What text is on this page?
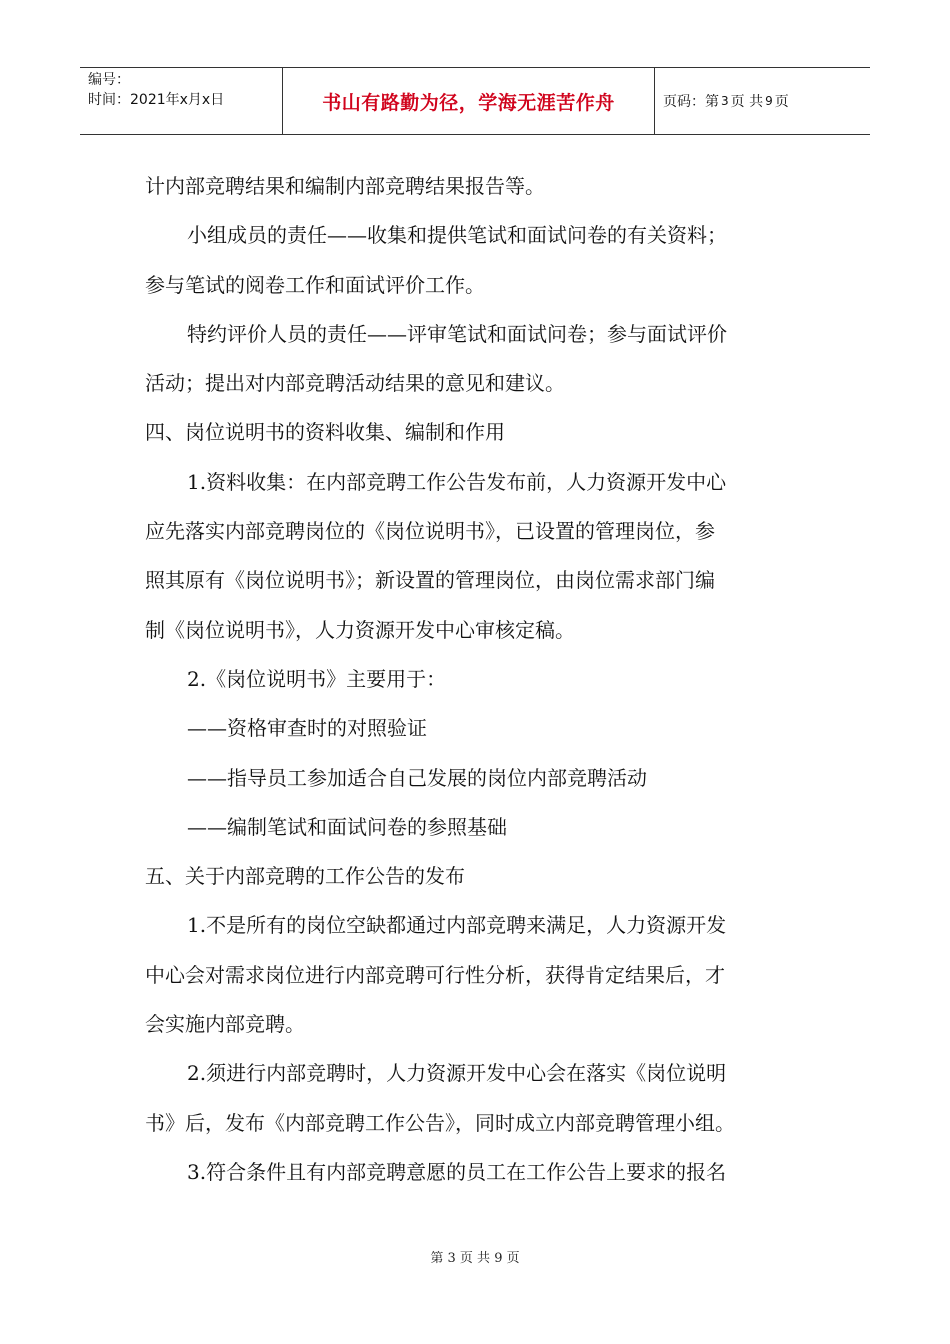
编号：
时间：2021年x月x日	书山有路勤为径，学海无涯苦作舟	页码：第 3 页 共 9 页

计内部竞聘结果和编制内部竞聘结果报告等。

小组成员的责任——收集和提供笔试和面试问卷的有关资料；

参与笔试的阅卷工作和面试评价工作。

特约评价人员的责任——评审笔试和面试问卷；参与面试评价

活动；提出对内部竞聘活动结果的意见和建议。

四、岗位说明书的资料收集、编制和作用

1.资料收集：在内部竞聘工作公告发布前，人力资源开发中心

应先落实内部竞聘岗位的《岗位说明书》，已设置的管理岗位，参

照其原有《岗位说明书》；新设置的管理岗位，由岗位需求部门编

制《岗位说明书》，人力资源开发中心审核定稿。

2.《岗位说明书》主要用于：

——资格审查时的对照验证

——指导员工参加适合自己发展的岗位内部竞聘活动

——编制笔试和面试问卷的参照基础

五、关于内部竞聘的工作公告的发布

1.不是所有的岗位空缺都通过内部竞聘来满足，人力资源开发

中心会对需求岗位进行内部竞聘可行性分析，获得肯定结果后，才

会实施内部竞聘。

2.须进行内部竞聘时，人力资源开发中心会在落实《岗位说明

书》后，发布《内部竞聘工作公告》，同时成立内部竞聘管理小组。

3.符合条件且有内部竞聘意愿的员工在工作公告上要求的报名

第 3 页 共 9 页
